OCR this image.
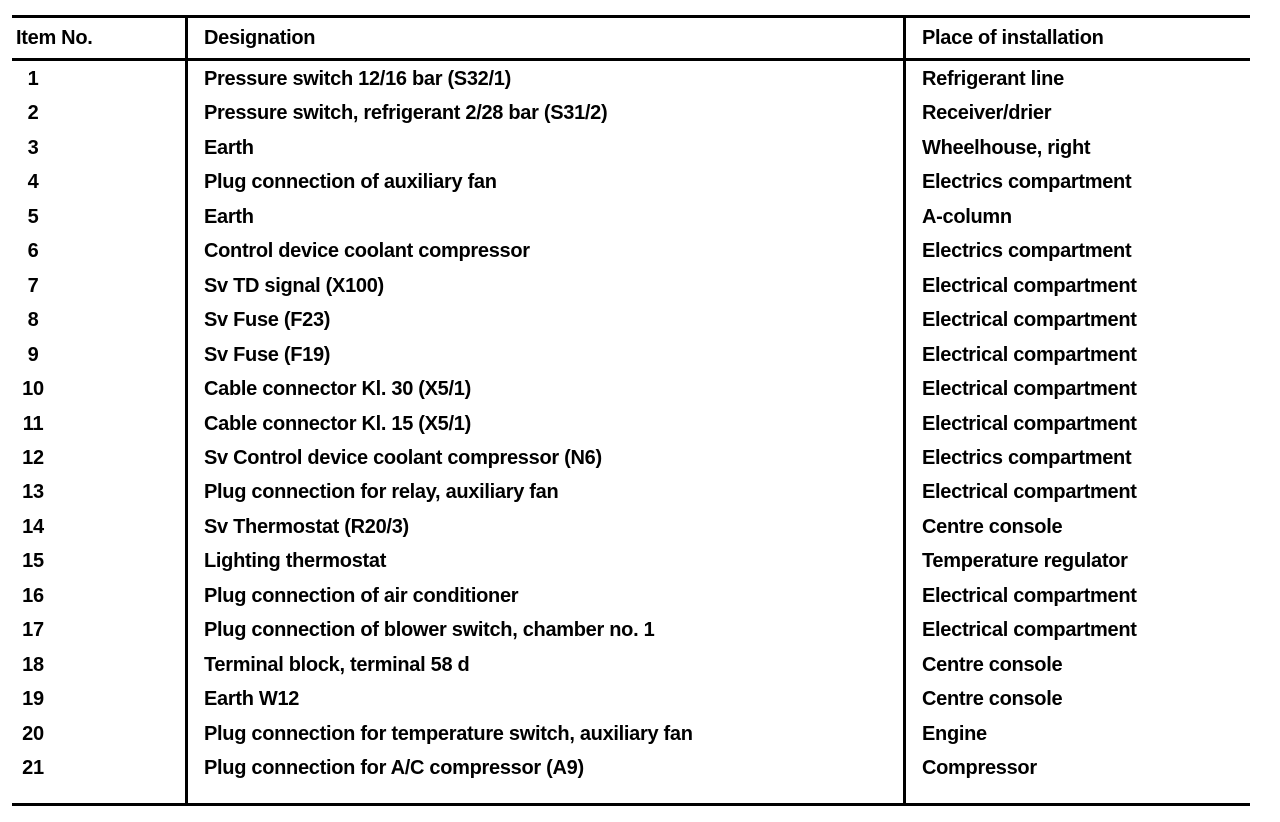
Item No.	Designation	Place of installation
1	Pressure switch 12/16 bar (S32/1)	Refrigerant line
2	Pressure switch, refrigerant 2/28 bar (S31/2)	Receiver/drier
3	Earth	Wheelhouse, right
4	Plug connection of auxiliary fan	Electrics compartment
5	Earth	A-column
6	Control device coolant compressor	Electrics compartment
7	Sv TD signal (X100)	Electrical compartment
8	Sv Fuse (F23)	Electrical compartment
9	Sv Fuse (F19)	Electrical compartment
10	Cable connector Kl. 30 (X5/1)	Electrical compartment
11	Cable connector Kl. 15 (X5/1)	Electrical compartment
12	Sv Control device coolant compressor (N6)	Electrics compartment
13	Plug connection for relay, auxiliary fan	Electrical compartment
14	Sv Thermostat (R20/3)	Centre console
15	Lighting thermostat	Temperature regulator
16	Plug connection of air conditioner	Electrical compartment
17	Plug connection of blower switch, chamber no. 1	Electrical compartment
18	Terminal block, terminal 58 d	Centre console
19	Earth W12	Centre console
20	Plug connection for temperature switch, auxiliary fan	Engine
21	Plug connection for A/C compressor (A9)	Compressor
